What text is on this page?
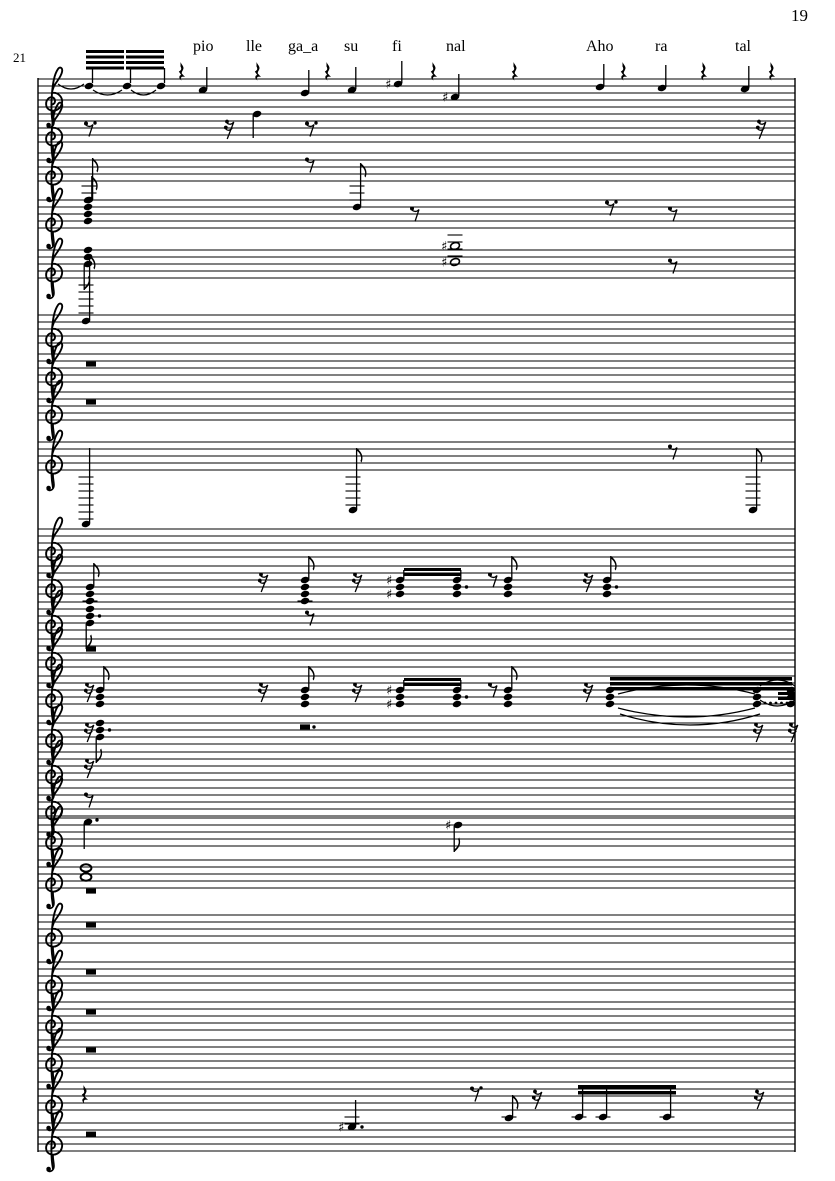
19
21
♯
♯
♯
♯
♯
♯
♯
♯
♯
♯
pio lle ga_a su fi	nal	Aho	ra	tal
